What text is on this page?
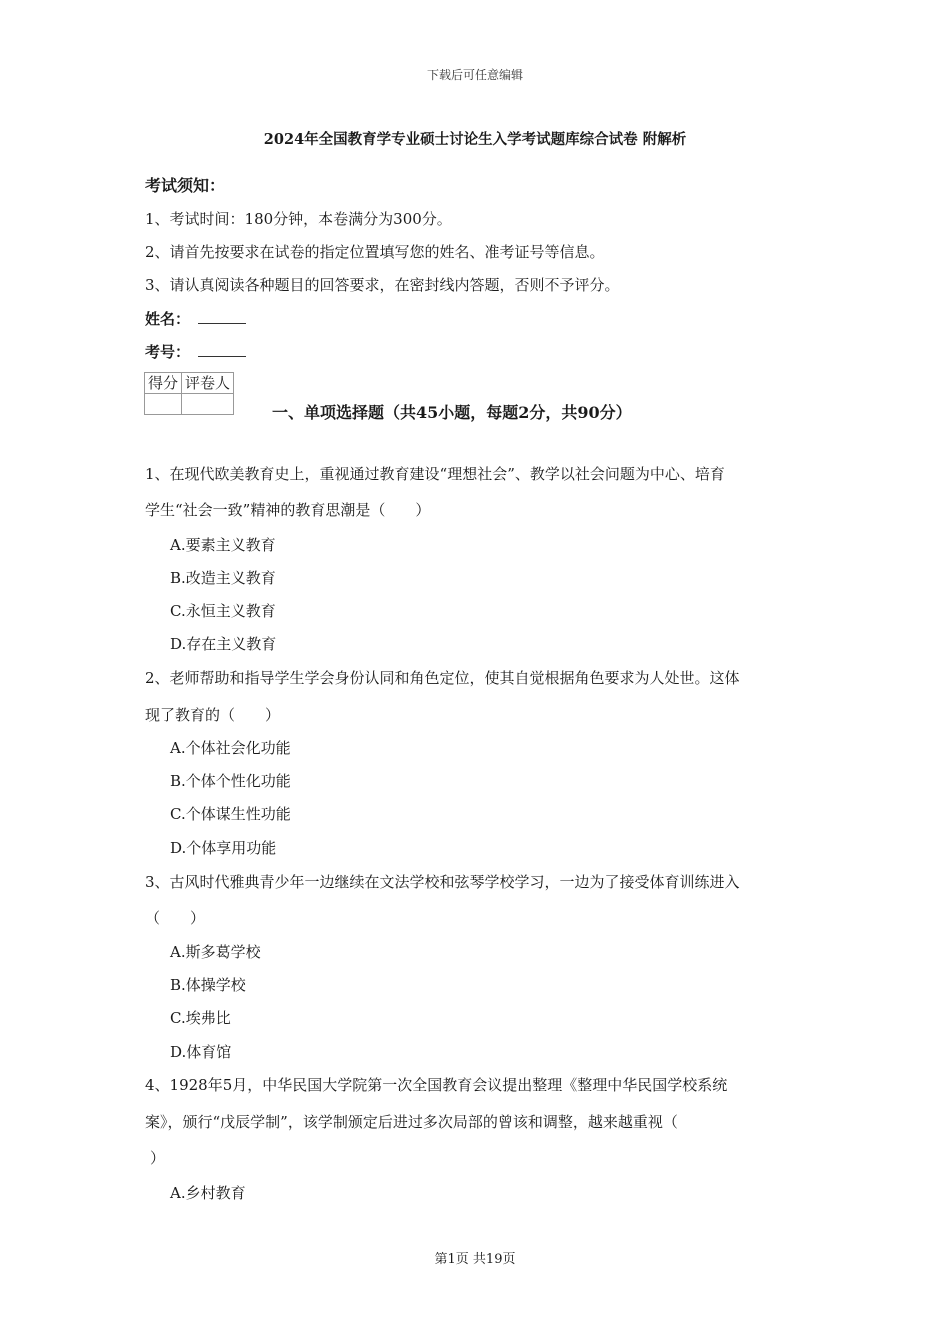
下载后可任意编辑
2024年全国教育学专业硕士讨论生入学考试题库综合试卷 附解析
考试须知：
1、考试时间：180分钟，本卷满分为300分。
2、请首先按要求在试卷的指定位置填写您的姓名、准考证号等信息。
3、请认真阅读各种题目的回答要求，在密封线内答题，否则不予评分。
姓名：
考号：
得分	评卷人

一、单项选择题（共45小题，每题2分，共90分）
1、在现代欧美教育史上，重视通过教育建设“理想社会”、教学以社会问题为中心、培育
学生“社会一致”精神的教育思潮是（　　）
A.要素主义教育
B.改造主义教育
C.永恒主义教育
D.存在主义教育
2、老师帮助和指导学生学会身份认同和角色定位，使其自觉根据角色要求为人处世。这体
现了教育的（　　）
A.个体社会化功能
B.个体个性化功能
C.个体谋生性功能
D.个体享用功能
3、古风时代雅典青少年一边继续在文法学校和弦琴学校学习，一边为了接受体育训练进入
（　　）
A.斯多葛学校
B.体操学校
C.埃弗比
D.体育馆
4、1928年5月，中华民国大学院第一次全国教育会议提出整理《整理中华民国学校系统
案》，颁行“戊辰学制”，该学制颁定后进过多次局部的曾该和调整，越来越重视（
）
A.乡村教育
第1页 共19页
